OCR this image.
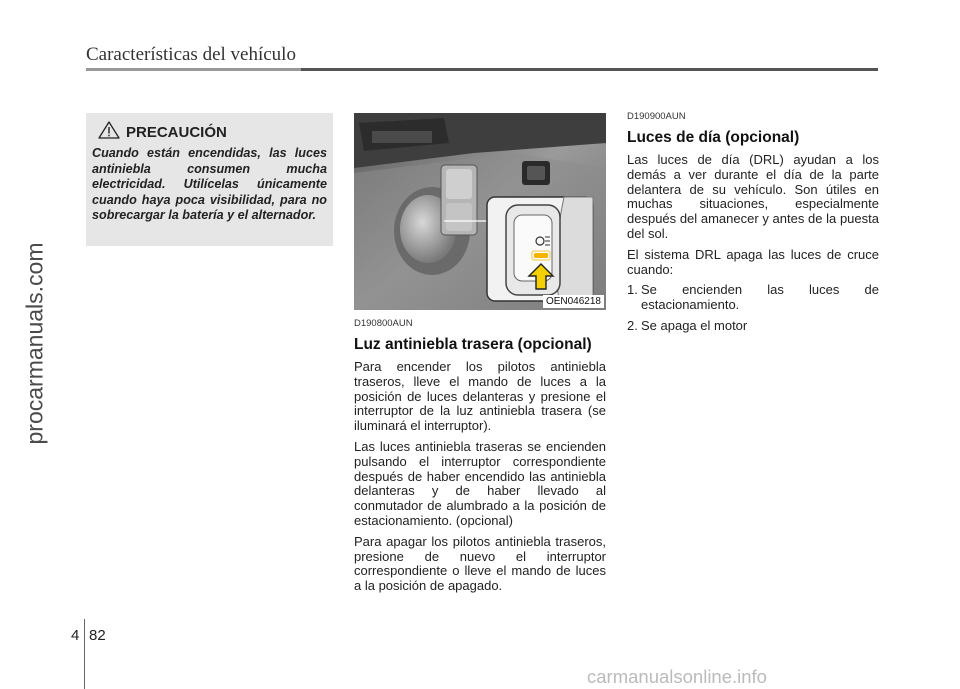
Características del vehículo
procarmanuals.com
PRECAUCIÓN
Cuando están encendidas, las luces antiniebla consumen mucha electricidad. Utilícelas únicamente cuando haya poca visibilidad, para no sobrecargar la batería y el alternador.
OEN046218

D190800AUN

Luz antiniebla trasera (opcional)

Para encender los pilotos antiniebla traseros, lleve el mando de luces a la posición de luces delanteras y presione el interruptor de la luz antiniebla trasera (se iluminará el interruptor).

Las luces antiniebla traseras se encienden pulsando el interruptor correspondiente después de haber encendido las antiniebla delanteras y de haber llevado al conmutador de alumbrado a la posición de estacionamiento. (opcional)

Para apagar los pilotos antiniebla traseros, presione de nuevo el interruptor correspondiente o lleve el mando de luces a la posición de apagado.

D190900AUN

Luces de día (opcional)

Las luces de día (DRL) ayudan a los demás a ver durante el día de la parte delantera de su vehículo. Son útiles en muchas situaciones, especialmente después del amanecer y antes de la puesta del sol.

El sistema DRL apaga las luces de cruce cuando:

1. Se encienden las luces de estacionamiento.
2. Se apaga el motor
4 82
carmanualsonline.info
